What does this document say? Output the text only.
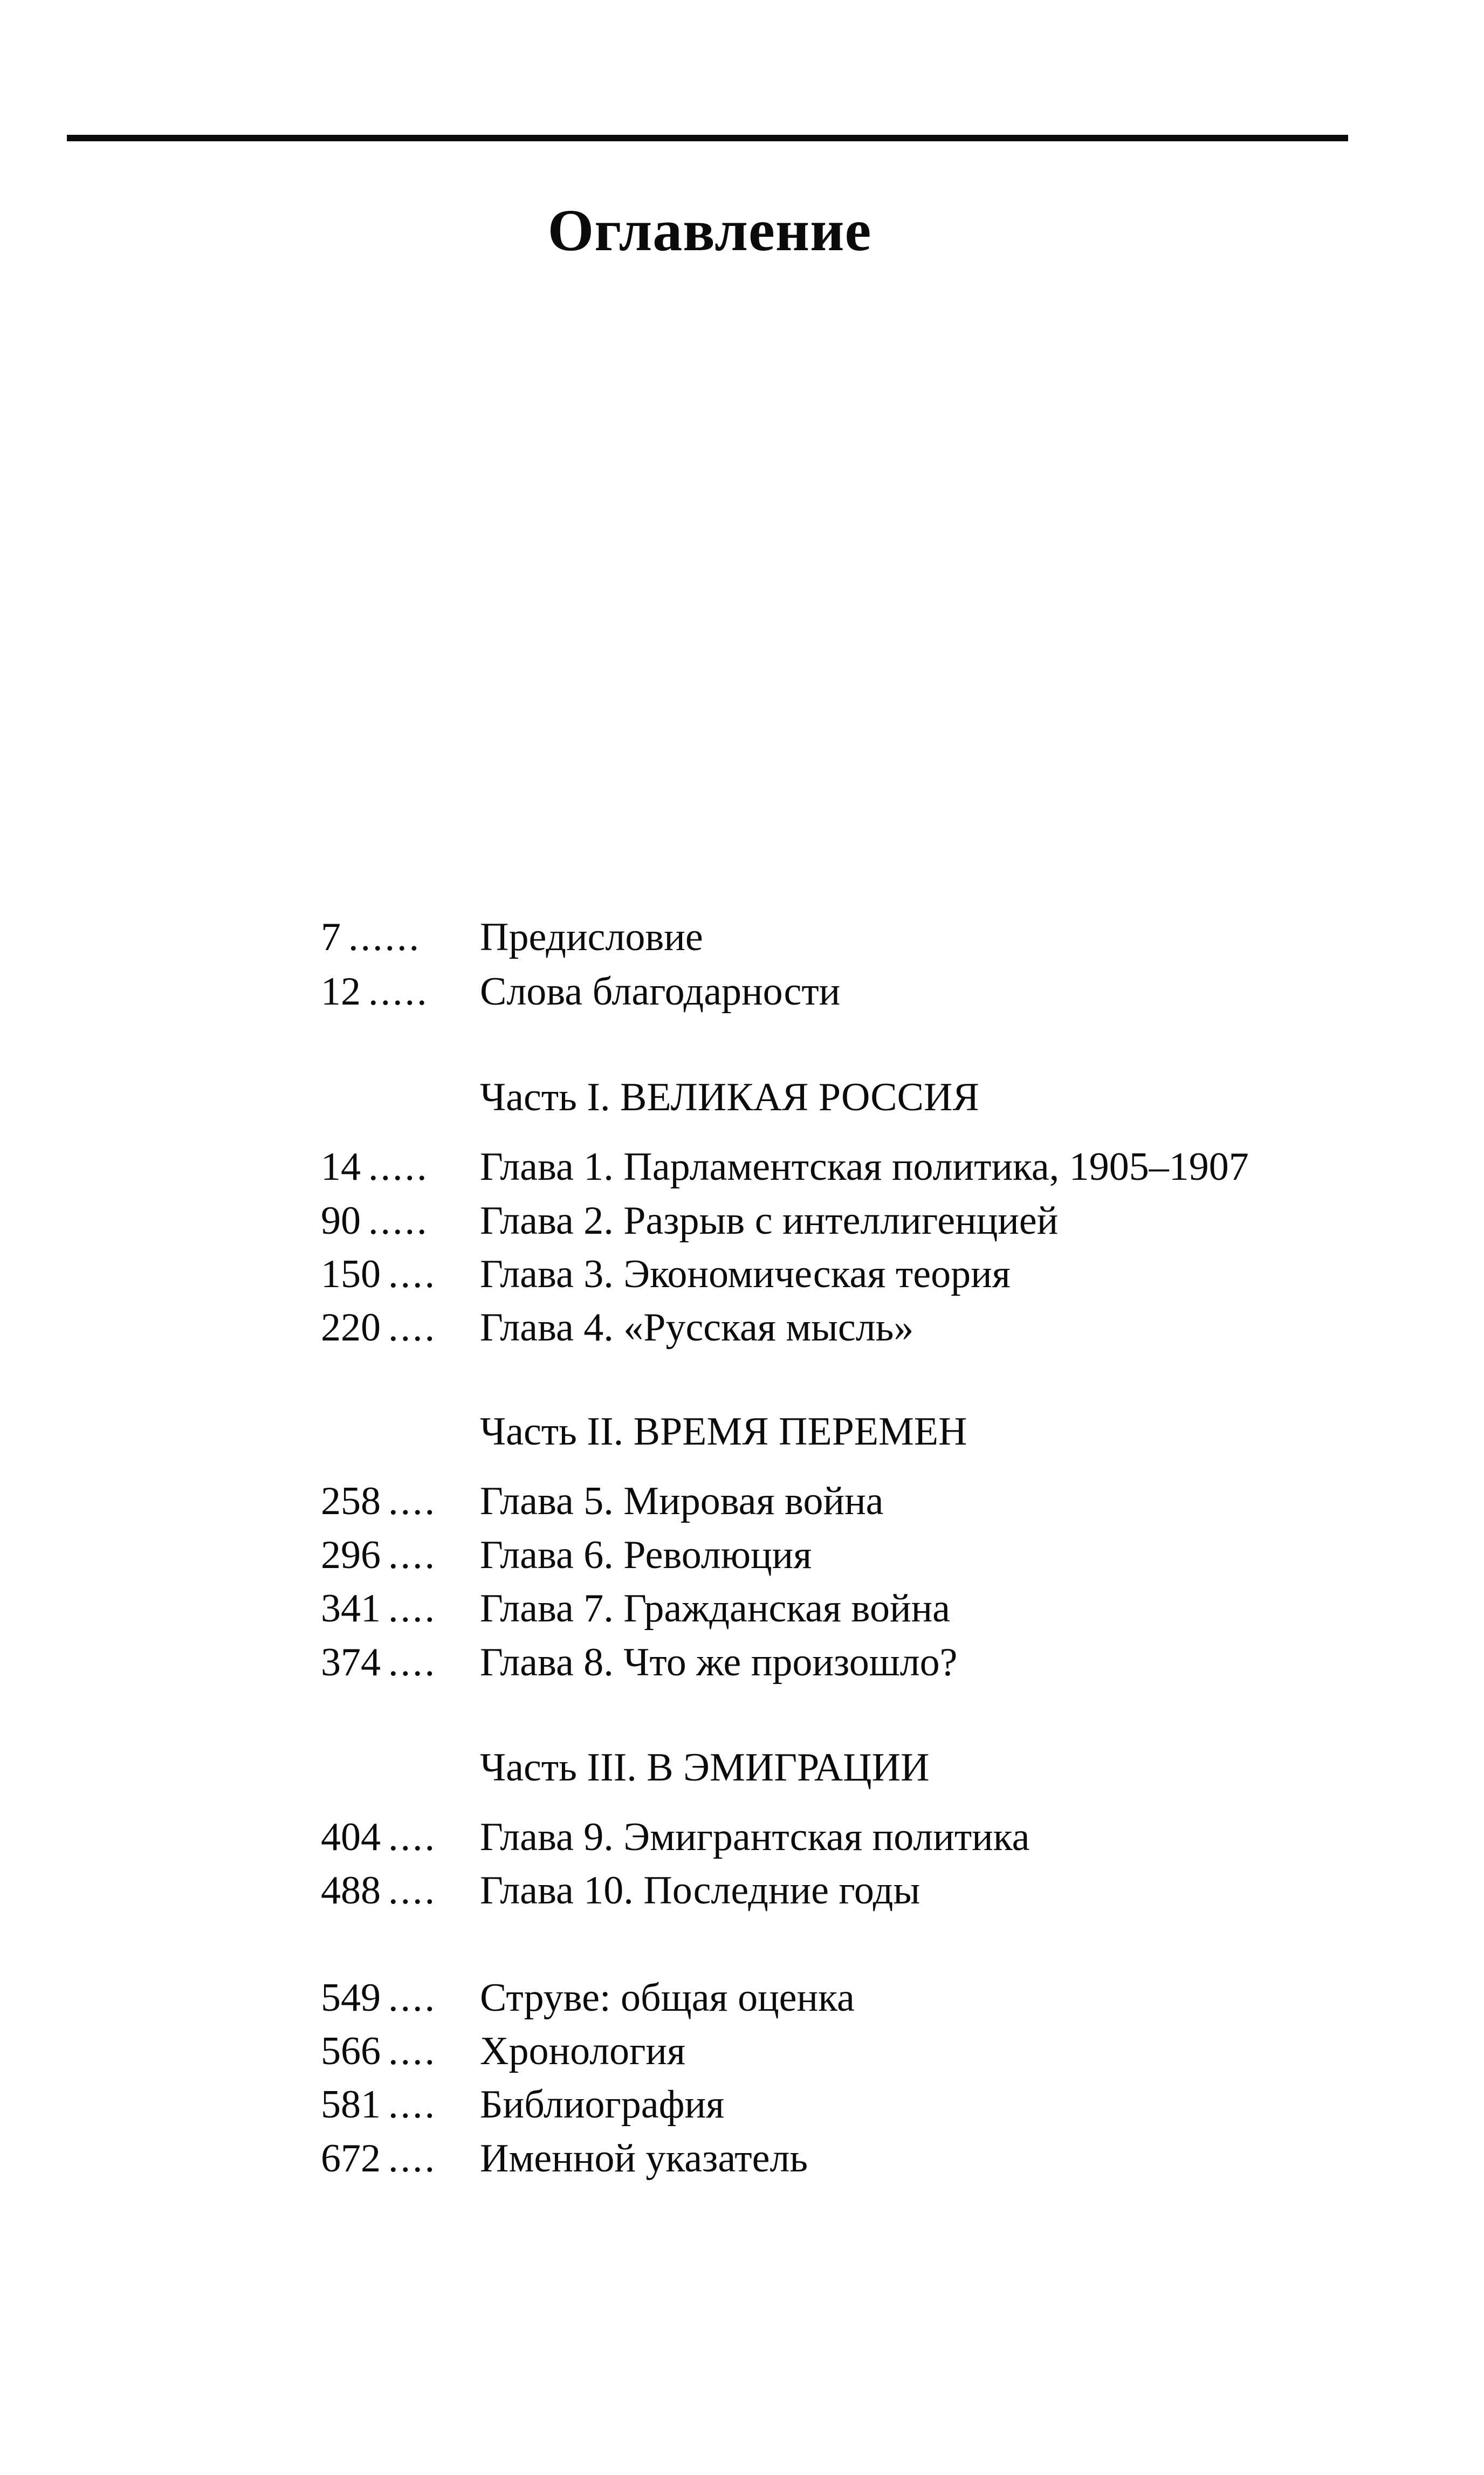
Оглавление
7 ...... Предисловие
12 ..... Слова благодарности
Часть I. ВЕЛИКАЯ РОССИЯ
14 ..... Глава 1. Парламентская политика, 1905–1907
90 ..... Глава 2. Разрыв с интеллигенцией
150 .... Глава 3. Экономическая теория
220 .... Глава 4. «Русская мысль»
Часть II. ВРЕМЯ ПЕРЕМЕН
258 .... Глава 5. Мировая война
296 .... Глава 6. Революция
341 .... Глава 7. Гражданская война
374 .... Глава 8. Что же произошло?
Часть III. В ЭМИГРАЦИИ
404 .... Глава 9. Эмигрантская политика
488 .... Глава 10. Последние годы
549 .... Струве: общая оценка
566 .... Хронология
581 .... Библиография
672 .... Именной указатель
